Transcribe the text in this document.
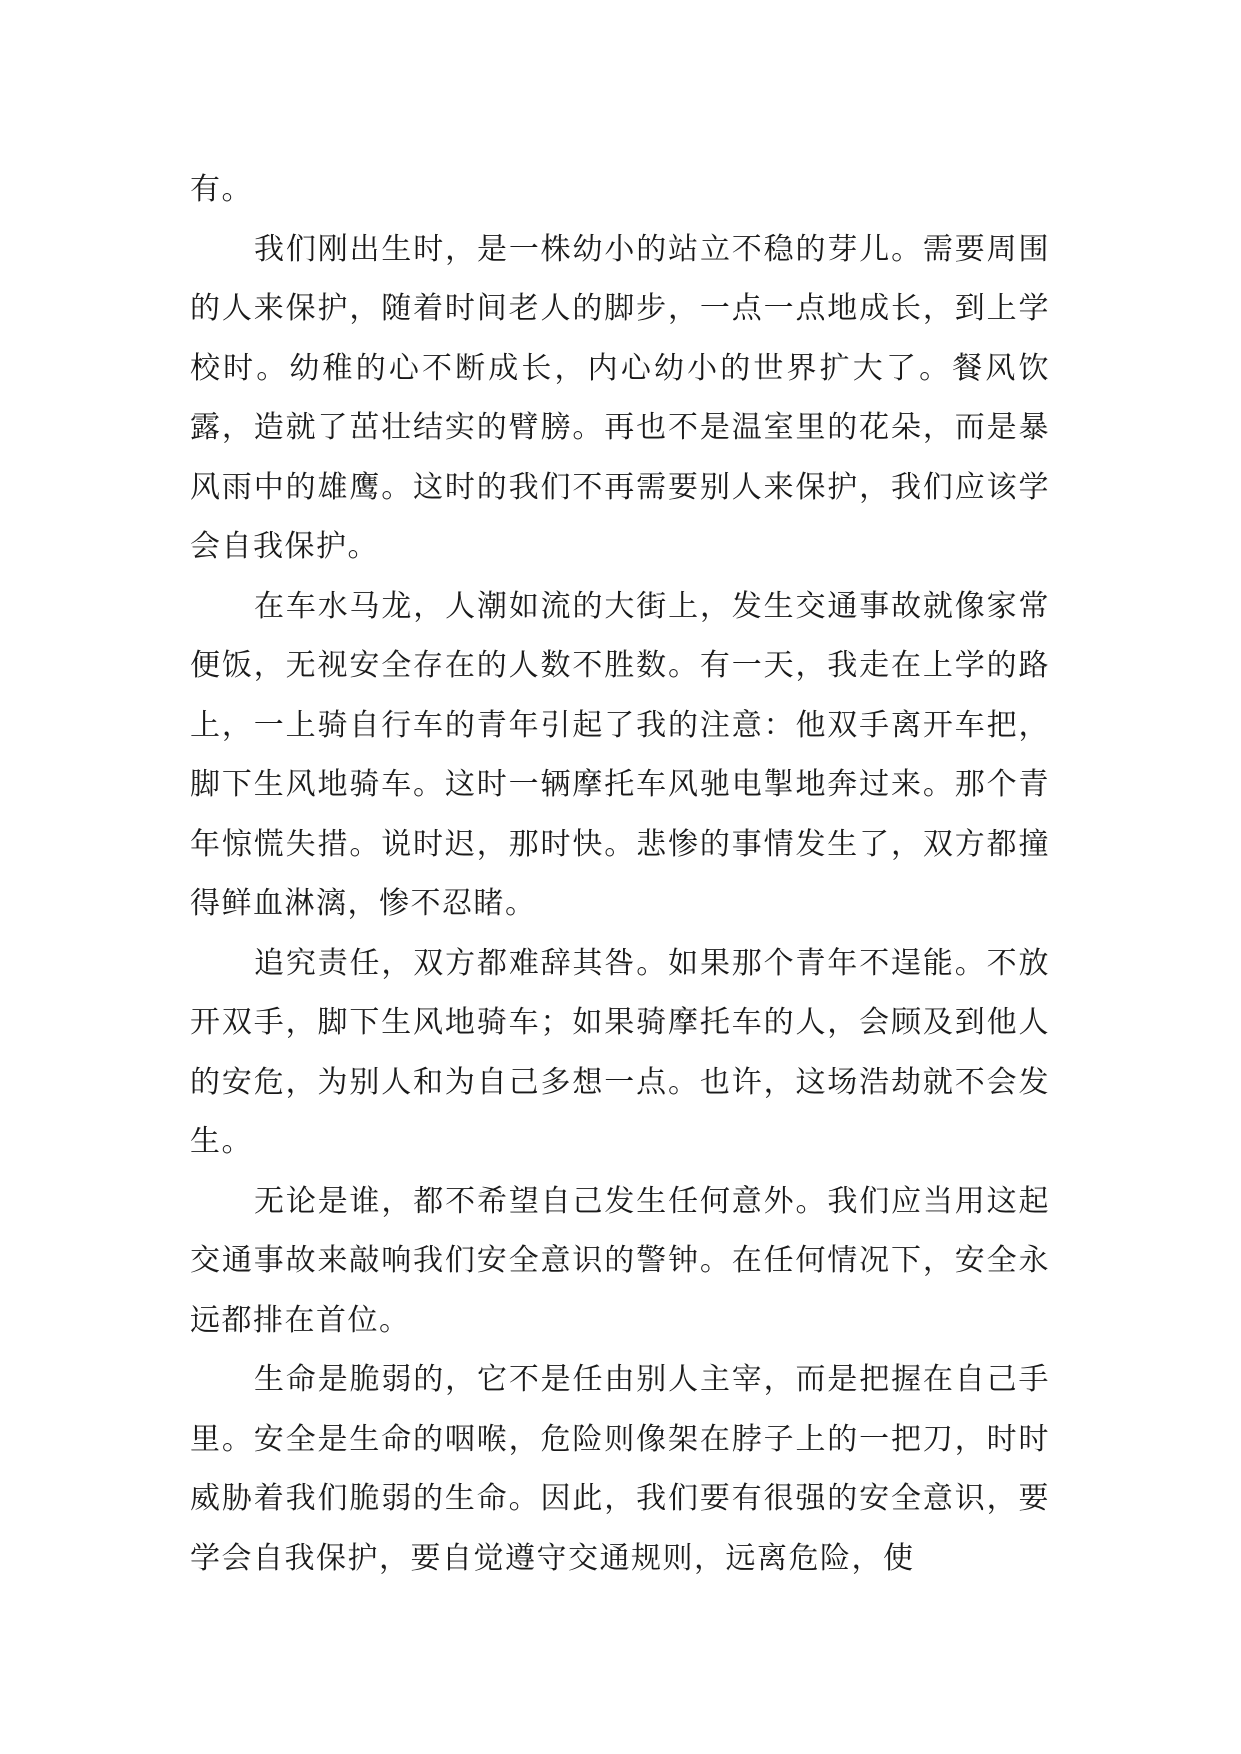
有。

我们刚出生时，是一株幼小的站立不稳的芽儿。需要周围的人来保护，随着时间老人的脚步，一点一点地成长，到上学校时。幼稚的心不断成长，内心幼小的世界扩大了。餐风饮露，造就了茁壮结实的臂膀。再也不是温室里的花朵，而是暴风雨中的雄鹰。这时的我们不再需要别人来保护，我们应该学会自我保护。

在车水马龙，人潮如流的大街上，发生交通事故就像家常便饭，无视安全存在的人数不胜数。有一天，我走在上学的路上，一上骑自行车的青年引起了我的注意：他双手离开车把，脚下生风地骑车。这时一辆摩托车风驰电掣地奔过来。那个青年惊慌失措。说时迟，那时快。悲惨的事情发生了，双方都撞得鲜血淋漓，惨不忍睹。

追究责任，双方都难辞其咎。如果那个青年不逞能。不放开双手，脚下生风地骑车；如果骑摩托车的人，会顾及到他人的安危，为别人和为自己多想一点。也许，这场浩劫就不会发生。

无论是谁，都不希望自己发生任何意外。我们应当用这起交通事故来敲响我们安全意识的警钟。在任何情况下，安全永远都排在首位。

生命是脆弱的，它不是任由别人主宰，而是把握在自己手里。安全是生命的咽喉，危险则像架在脖子上的一把刀，时时威胁着我们脆弱的生命。因此，我们要有很强的安全意识，要学会自我保护，要自觉遵守交通规则，远离危险，使
